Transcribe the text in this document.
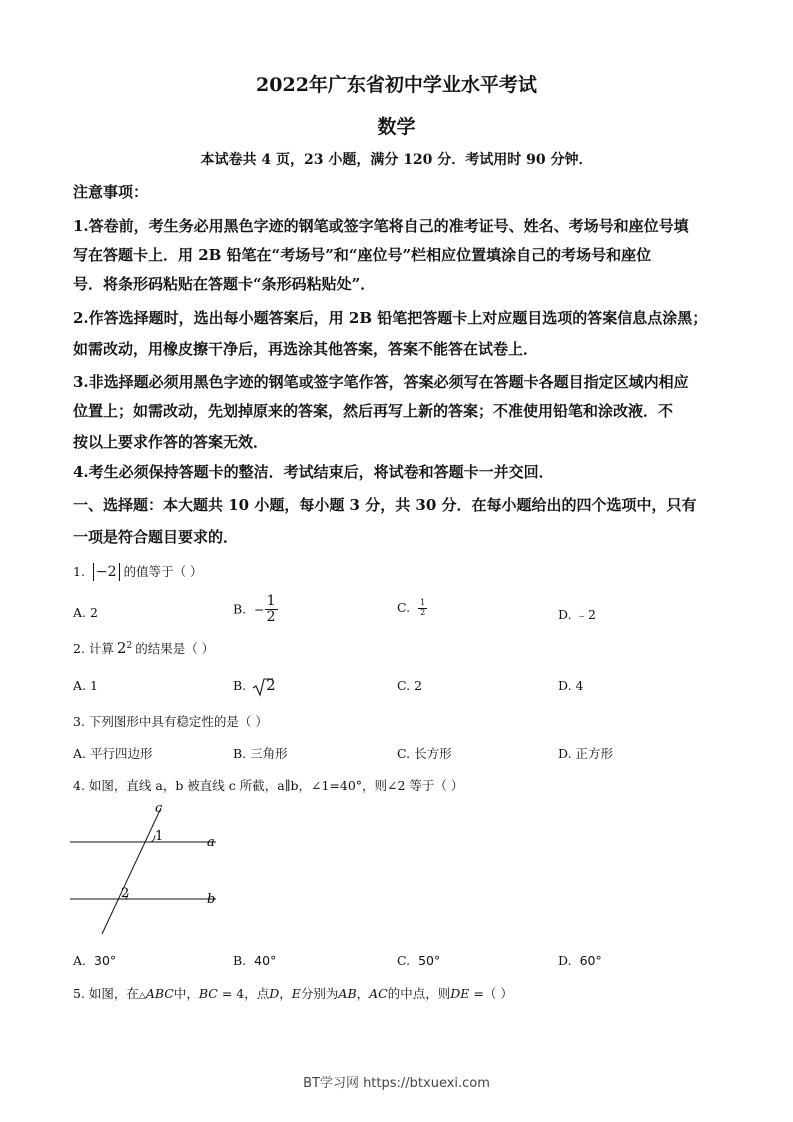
2022年广东省初中学业水平考试
数学
本试卷共 4 页，23 小题，满分 120 分．考试用时 90 分钟．
注意事项：
1.答卷前，考生务必用黑色字迹的钢笔或签字笔将自己的准考证号、姓名、考场号和座位号填
写在答题卡上．用 2B 铅笔在“考场号”和“座位号”栏相应位置填涂自己的考场号和座位
号．将条形码粘贴在答题卡“条形码粘贴处”．
2.作答选择题时，选出每小题答案后，用 2B 铅笔把答题卡上对应题目选项的答案信息点涂黑；
如需改动，用橡皮擦干净后，再选涂其他答案，答案不能答在试卷上．
3.非选择题必须用黑色字迹的钢笔或签字笔作答，答案必须写在答题卡各题目指定区域内相应
位置上；如需改动，先划掉原来的答案，然后再写上新的答案；不准使用铅笔和涂改液．不
按以上要求作答的答案无效．
4.考生必须保持答题卡的整洁．考试结束后，将试卷和答题卡一并交回．
一、选择题：本大题共 10 小题，每小题 3 分，共 30 分．在每小题给出的四个选项中，只有
一项是符合题目要求的．
1. −2 的值等于（ ）
A. 2	B. − $\frac{1}{2}$	C. $\frac{1}{2}$	D. ﹣2
2. 计算 $2^2$ 的结果是（ ）
A. 1	B. 2	C. 2	D. 4
3. 下列图形中具有稳定性的是（ ）
A. 平行四边形	B. 三角形	C. 长方形	D. 正方形
4. 如图，直线 a，b 被直线 c 所截，a∥b，∠1=40°，则∠2 等于（ ）
c
1	a
2	b
A. 30°	B. 40°	C. 50°	D. 60°
5. 如图，在△ABC中，BC = 4，点D，E分别为AB，AC的中点，则DE =（ ）
BT学习网 https://btxuexi.com
